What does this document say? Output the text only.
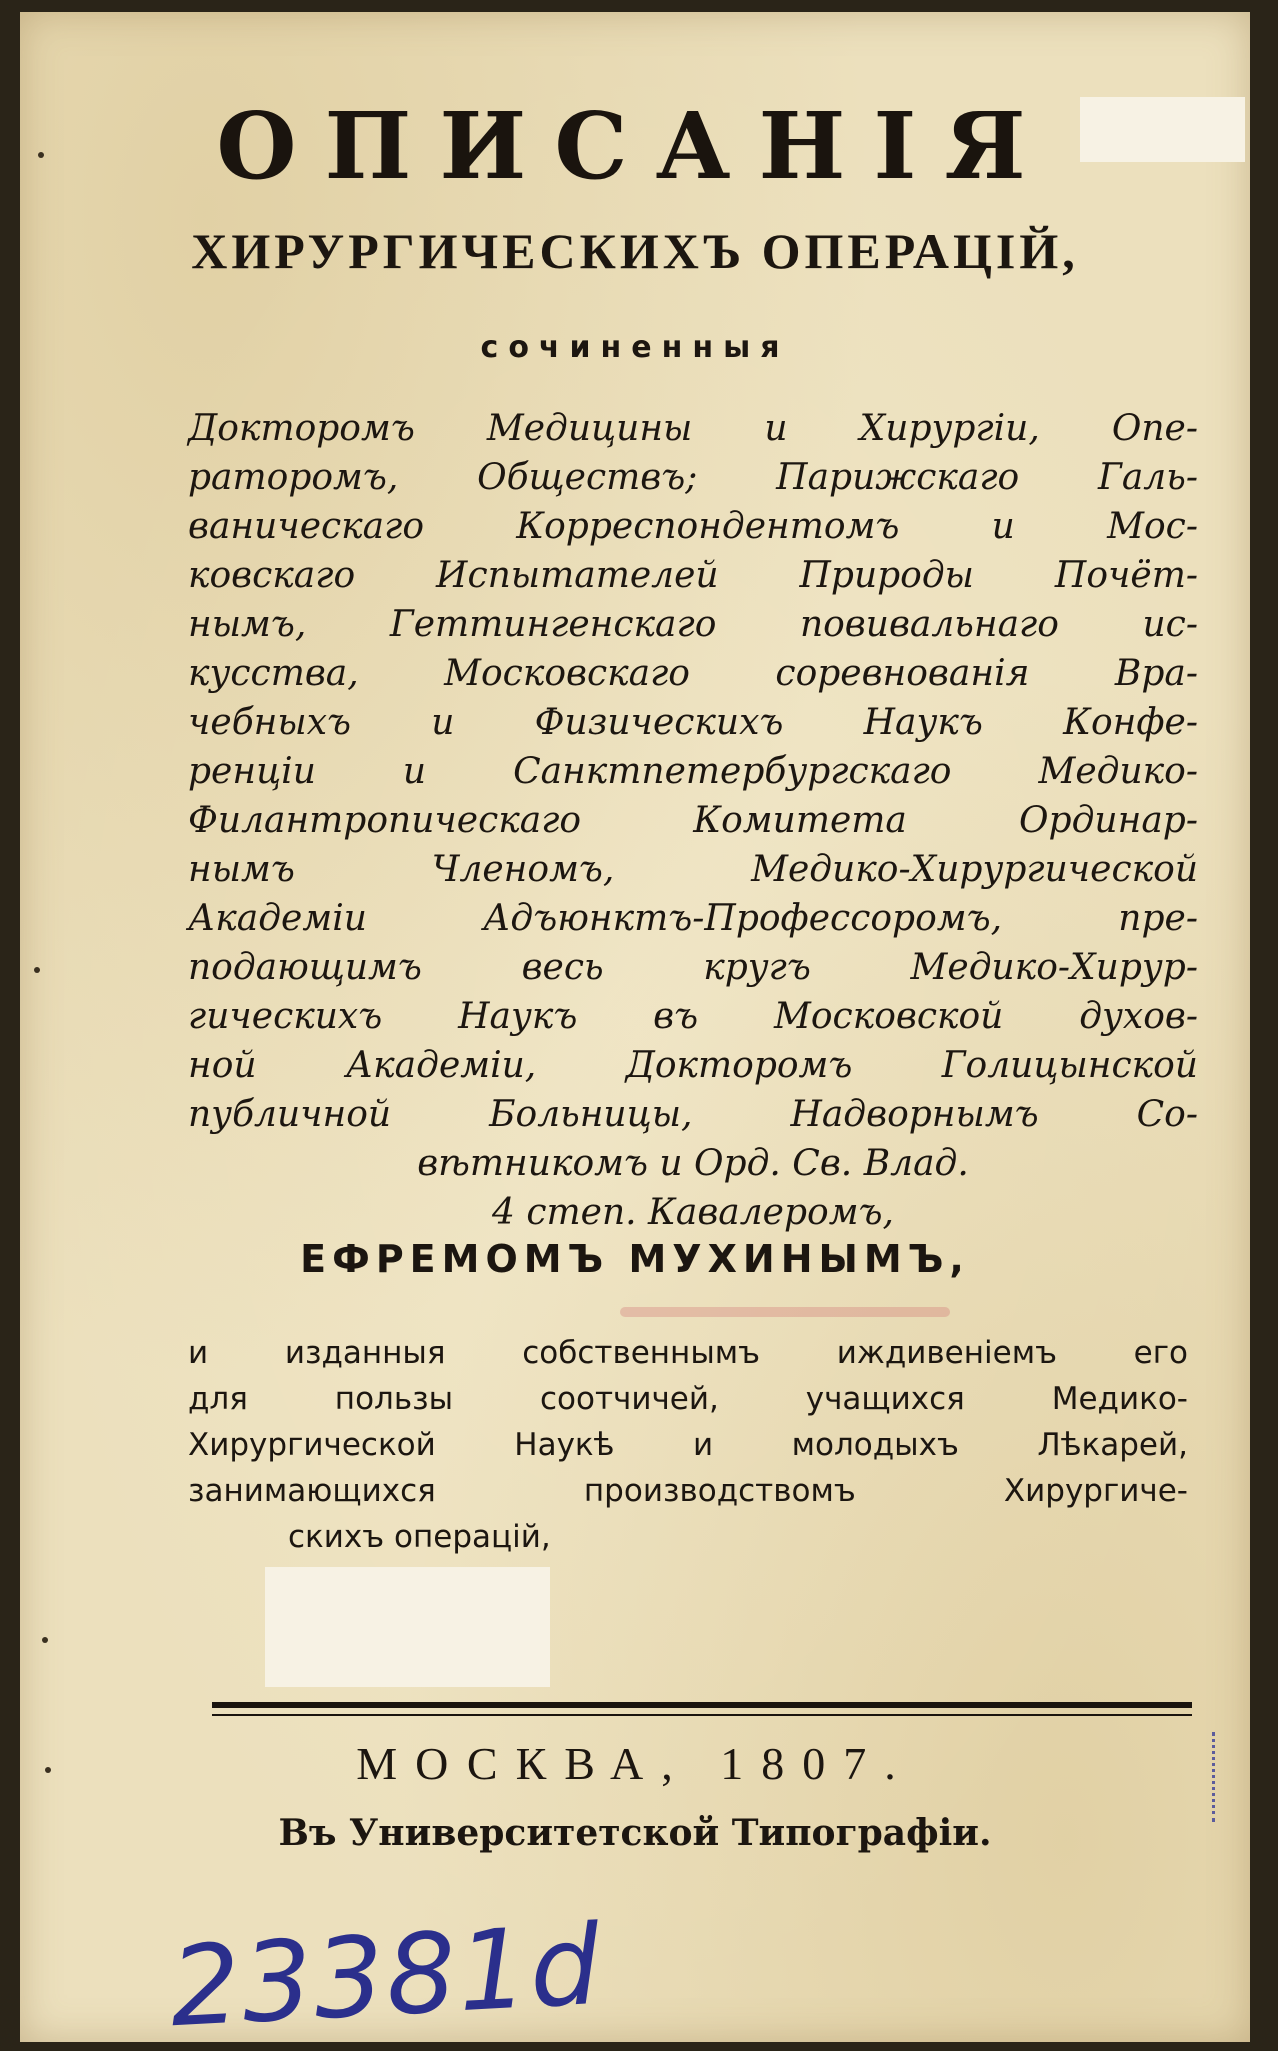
ОПИСАНІЯ
ХИРУРГИЧЕСКИХЪ ОПЕРАЦІЙ,
сочиненныя
Докторомъ Медицины и Хирургіи, Опе-
раторомъ, Обществъ; Парижскаго Галь-
ваническаго Корреспондентомъ и Мос-
ковскаго Испытателей Природы Почёт-
нымъ, Геттингенскаго повивальнаго ис-
кусства, Московскаго соревнованія Вра-
чебныхъ и Физическихъ Наукъ Конфе-
ренціи и Санктпетербургскаго Медико-
Филантропическаго Комитета Ординар-
нымъ Членомъ, Медико-Хирургической
Академіи Адъюнктъ-Профессоромъ, пре-
подающимъ весь кругъ Медико-Хирур-
гическихъ Наукъ въ Московской духов-
ной Академіи, Докторомъ Голицынской
публичной Больницы, Надворнымъ Со-
вѣтникомъ и Орд. Св. Влад.
4 степ. Кавалеромъ,
ЕФРЕМОМЪ МУХИНЫМЪ,
и изданныя собственнымъ иждивеніемъ его
для пользы соотчичей, учащихся Медико-
Хирургической Наукѣ и молодыхъ Лѣкарей,
занимающихся производствомъ Хирургиче-
скихъ операцій,
МОСКВА, 1807.
Въ Университетской Типографіи.
23381d
